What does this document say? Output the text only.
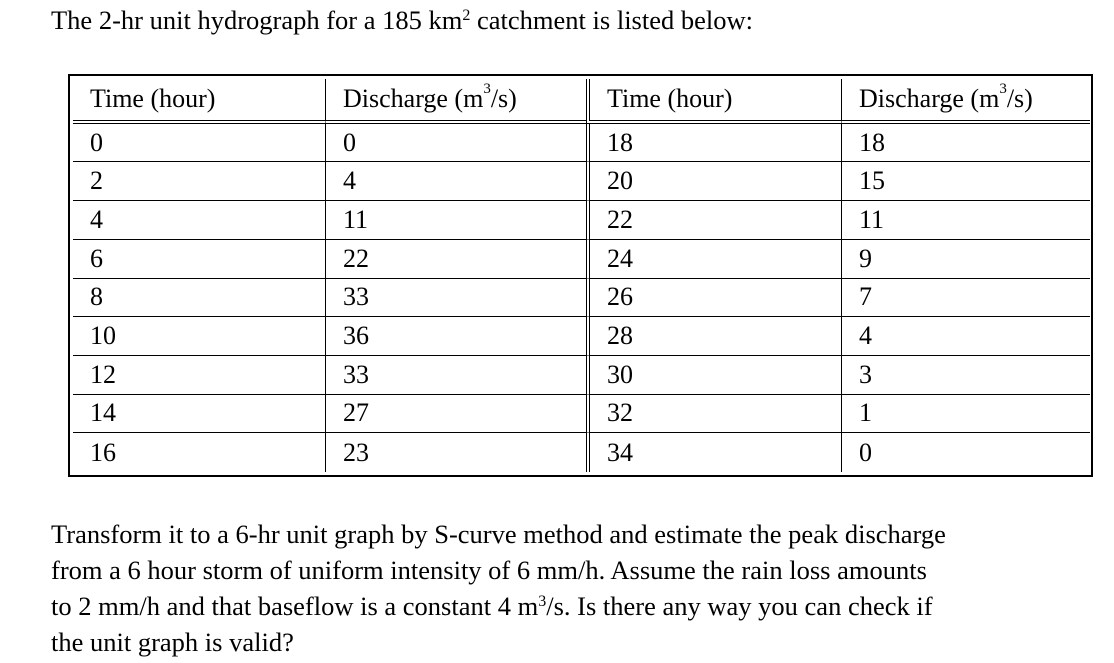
The 2-hr unit hydrograph for a 185 $km^2$ catchment is listed below:
Time (hour)	Discharge $(m^3/s)$	Time (hour)	Discharge $(m^3/s)$
0	0	18	18
2	4	20	15
4	11	22	11
6	22	24	9
8	33	26	7
10	36	28	4
12	33	30	3
14	27	32	1
16	23	34	0
Transform it to a 6-hr unit graph by S-curve method and estimate the peak discharge
from a 6 hour storm of uniform intensity of 6 mm/h. Assume the rain loss amounts
to 2 mm/h and that baseflow is a constant 4 $m^3/s$. Is there any way you can check if
the unit graph is valid?
